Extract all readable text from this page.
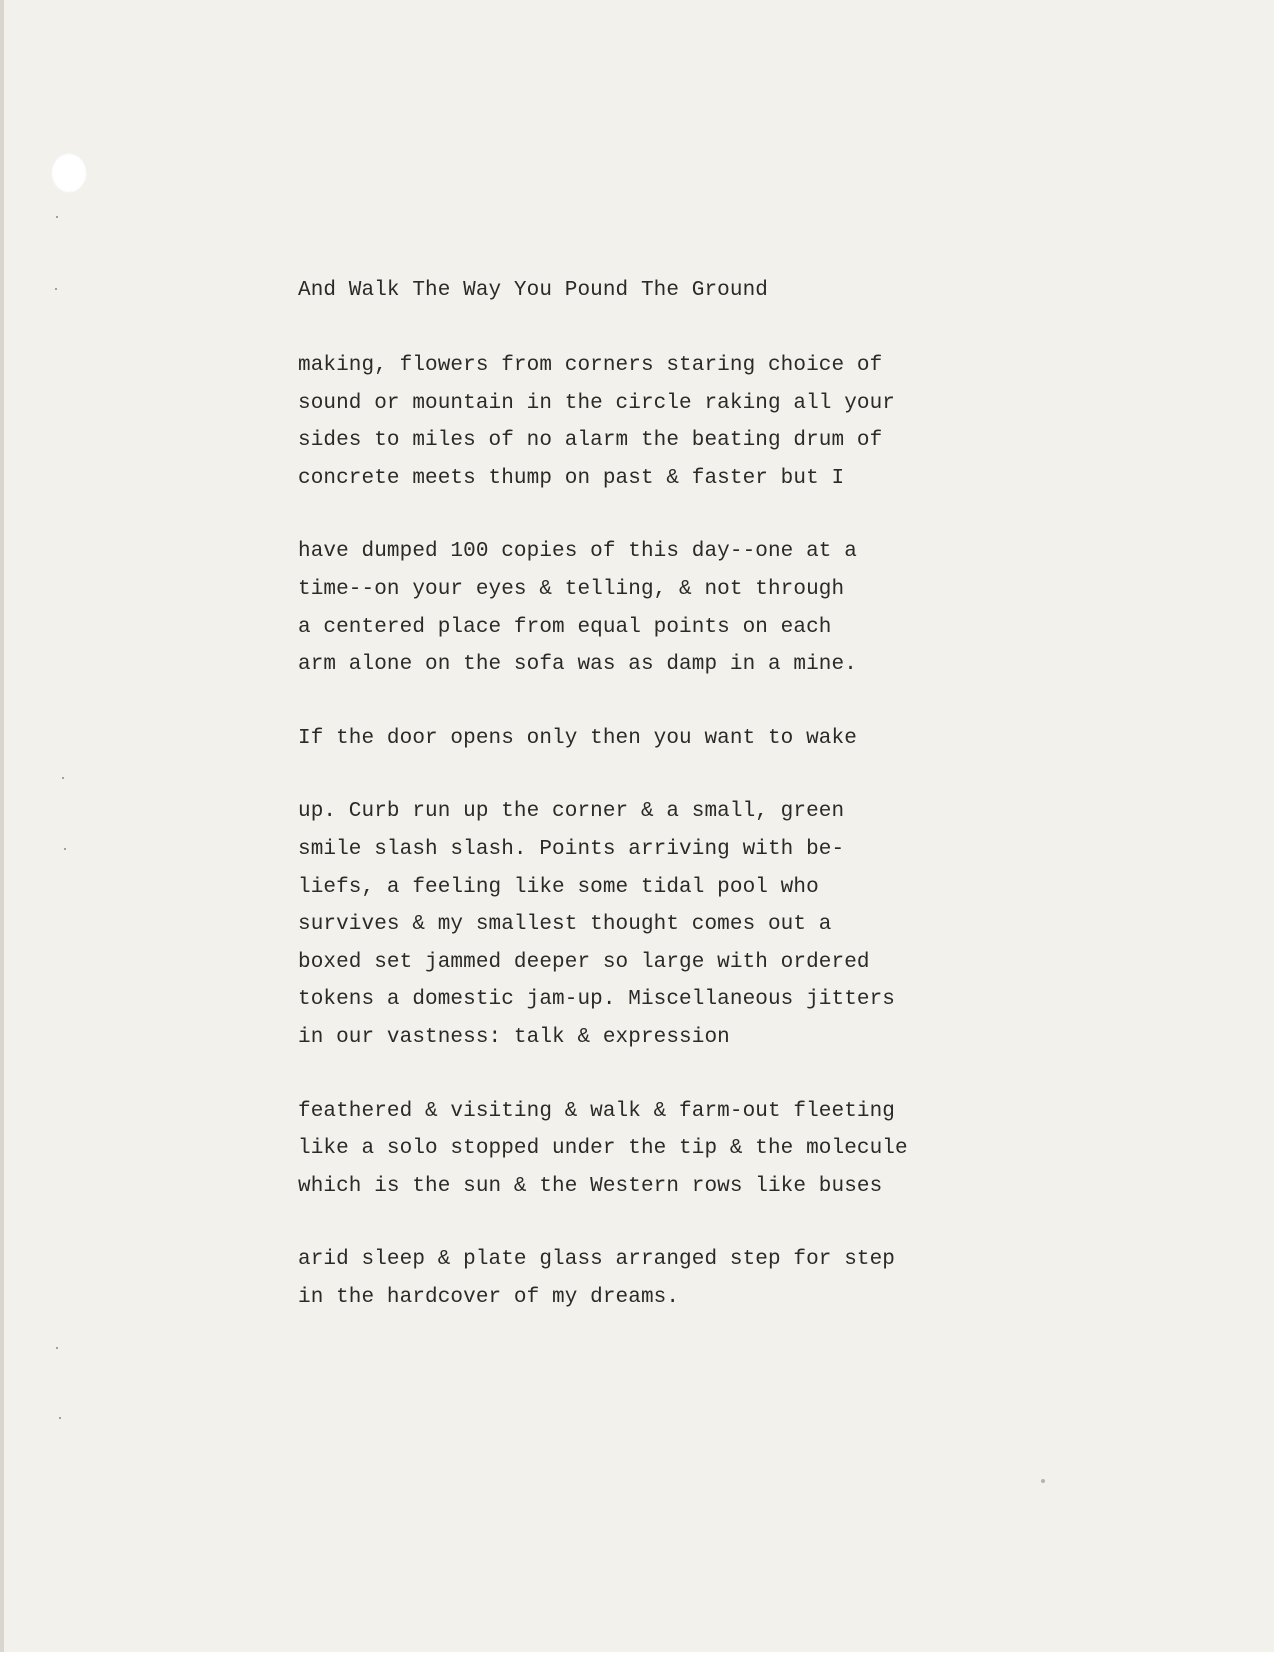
And Walk The Way You Pound The Ground
making, flowers from corners staring choice of
sound or mountain in the circle raking all your
sides to miles of no alarm the beating drum of
concrete meets thump on past & faster but I
have dumped 100 copies of this day--one at a
time--on your eyes & telling, & not through
a centered place from equal points on each
arm alone on the sofa was as damp in a mine.
If the door opens only then you want to wake
up. Curb run up the corner & a small, green
smile slash slash. Points arriving with be-
liefs, a feeling like some tidal pool who
survives & my smallest thought comes out a
boxed set jammed deeper so large with ordered
tokens a domestic jam-up. Miscellaneous jitters
in our vastness: talk & expression
feathered & visiting & walk & farm-out fleeting
like a solo stopped under the tip & the molecule
which is the sun & the Western rows like buses
arid sleep & plate glass arranged step for step
in the hardcover of my dreams.
